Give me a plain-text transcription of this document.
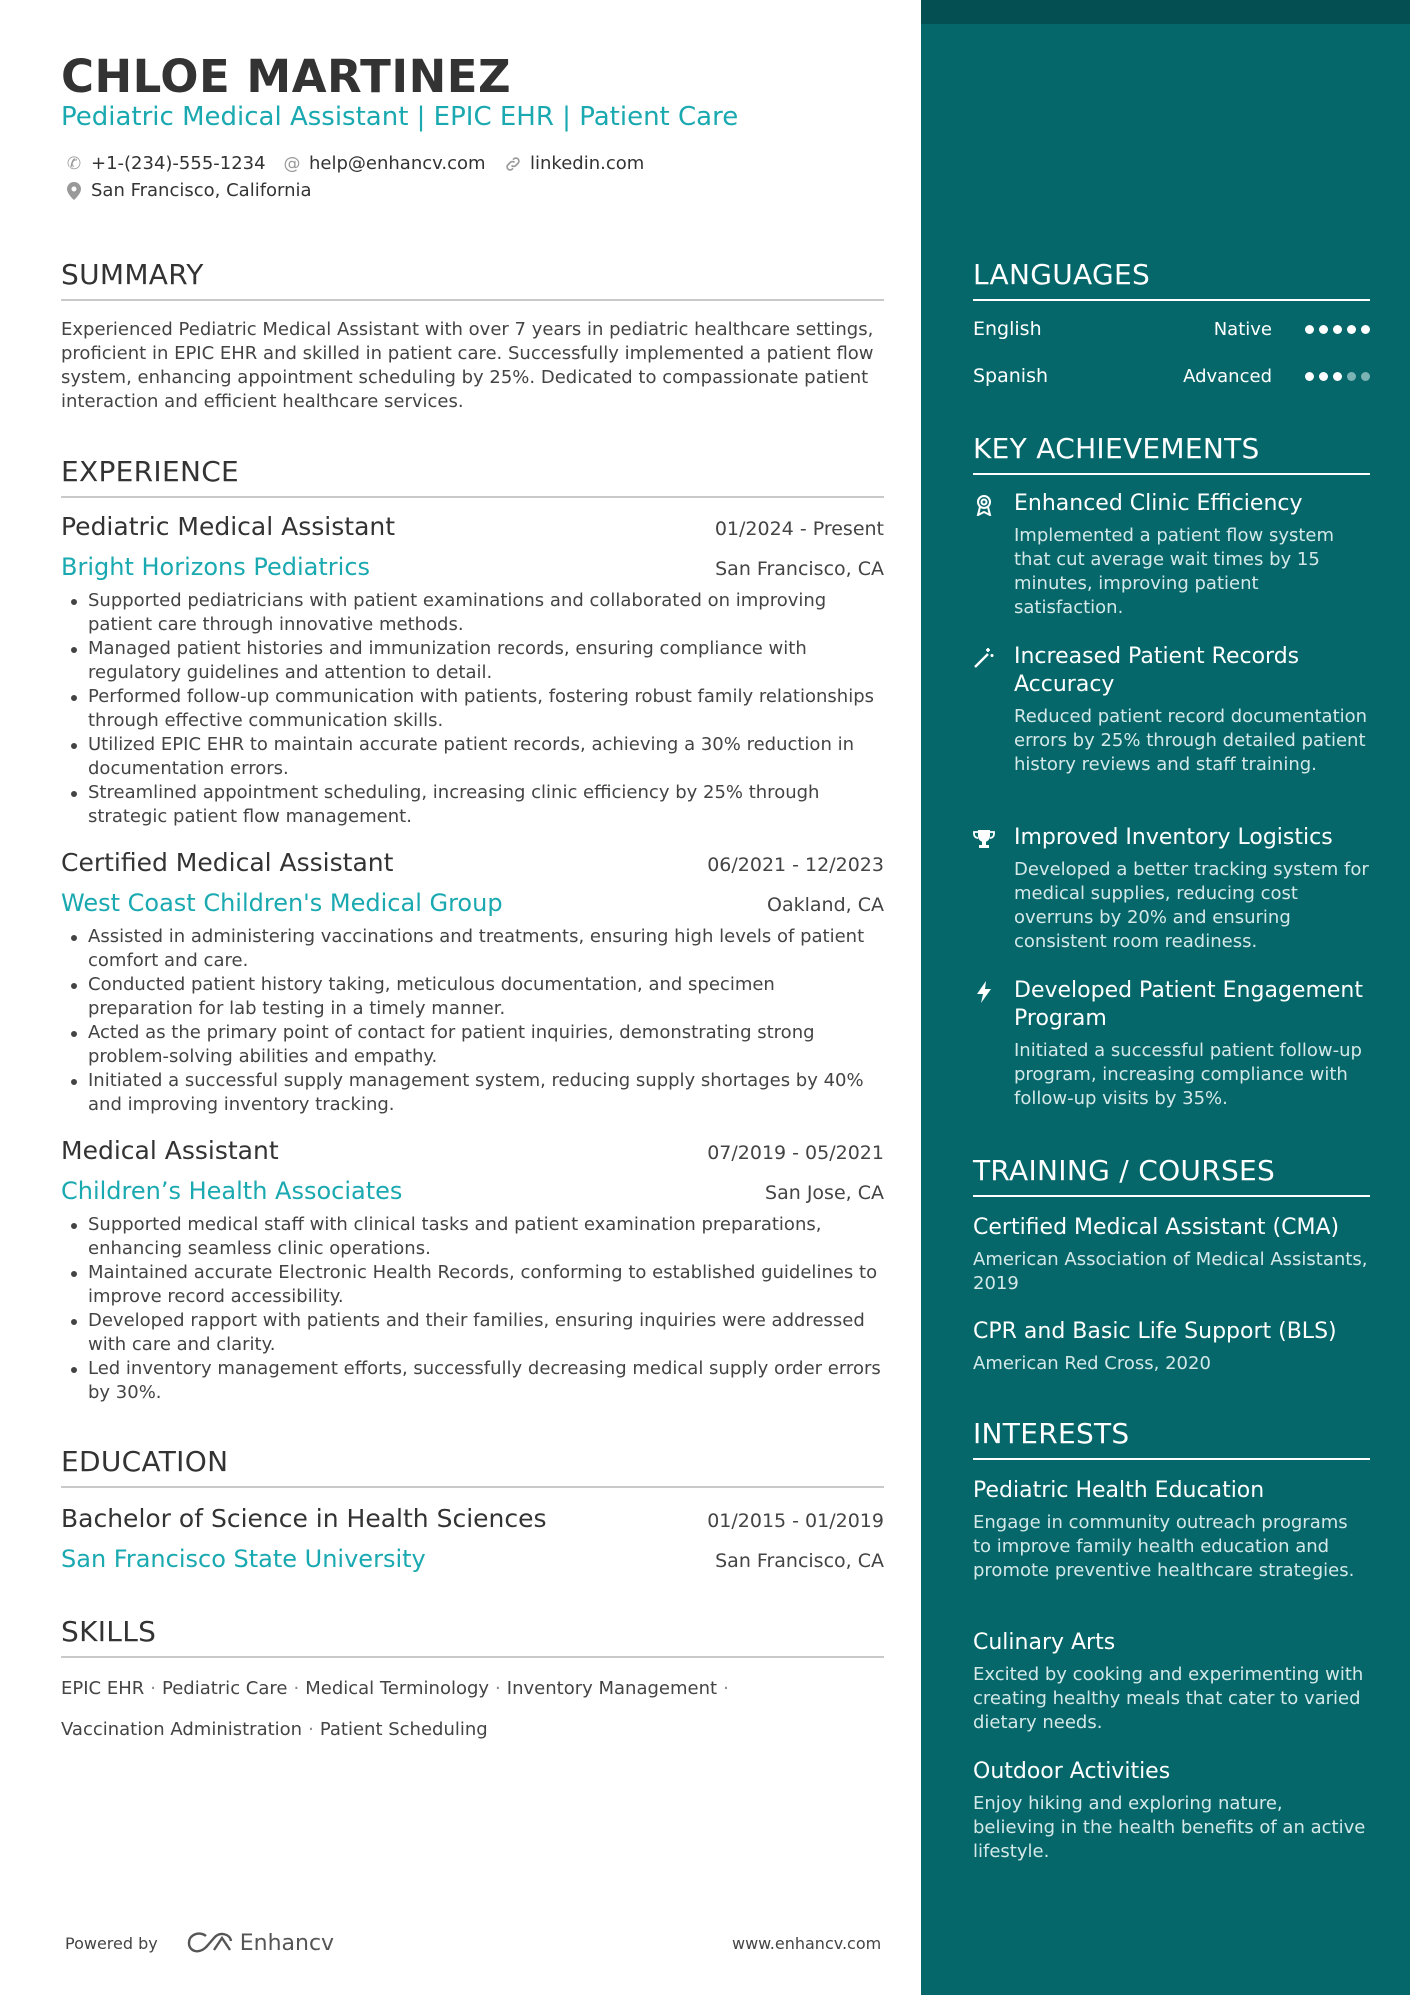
CHLOE MARTINEZ
Pediatric Medical Assistant | EPIC EHR | Patient Care
✆ +1-(234)-555-1234 @ help@enhancv.com linkedin.com
San Francisco, California
SUMMARY
Experienced Pediatric Medical Assistant with over 7 years in pediatric healthcare settings, proficient in EPIC EHR and skilled in patient care. Successfully implemented a patient flow system, enhancing appointment scheduling by 25%. Dedicated to compassionate patient interaction and efficient healthcare services.
EXPERIENCE
Pediatric Medical Assistant	01/2024 - Present
Bright Horizons Pediatrics	San Francisco, CA
Supported pediatricians with patient examinations and collaborated on improving patient care through innovative methods.
Managed patient histories and immunization records, ensuring compliance with regulatory guidelines and attention to detail.
Performed follow-up communication with patients, fostering robust family relationships through effective communication skills.
Utilized EPIC EHR to maintain accurate patient records, achieving a 30% reduction in documentation errors.
Streamlined appointment scheduling, increasing clinic efficiency by 25% through strategic patient flow management.
Certified Medical Assistant	06/2021 - 12/2023
West Coast Children's Medical Group	Oakland, CA
Assisted in administering vaccinations and treatments, ensuring high levels of patient comfort and care.
Conducted patient history taking, meticulous documentation, and specimen preparation for lab testing in a timely manner.
Acted as the primary point of contact for patient inquiries, demonstrating strong problem-solving abilities and empathy.
Initiated a successful supply management system, reducing supply shortages by 40% and improving inventory tracking.
Medical Assistant	07/2019 - 05/2021
Children’s Health Associates	San Jose, CA
Supported medical staff with clinical tasks and patient examination preparations, enhancing seamless clinic operations.
Maintained accurate Electronic Health Records, conforming to established guidelines to improve record accessibility.
Developed rapport with patients and their families, ensuring inquiries were addressed with care and clarity.
Led inventory management efforts, successfully decreasing medical supply order errors by 30%.
EDUCATION
Bachelor of Science in Health Sciences	01/2015 - 01/2019
San Francisco State University	San Francisco, CA
SKILLS
EPIC EHR · Pediatric Care · Medical Terminology · Inventory Management ·
Vaccination Administration · Patient Scheduling
Powered by	Enhancv	www.enhancv.com
LANGUAGES
English	Native
Spanish	Advanced
KEY ACHIEVEMENTS
Enhanced Clinic Efficiency
Implemented a patient flow system that cut average wait times by 15 minutes, improving patient satisfaction.
Increased Patient Records Accuracy
Reduced patient record documentation errors by 25% through detailed patient history reviews and staff training.
Improved Inventory Logistics
Developed a better tracking system for medical supplies, reducing cost overruns by 20% and ensuring consistent room readiness.
Developed Patient Engagement Program
Initiated a successful patient follow-up program, increasing compliance with follow-up visits by 35%.
TRAINING / COURSES
Certified Medical Assistant (CMA)
American Association of Medical Assistants, 2019
CPR and Basic Life Support (BLS)
American Red Cross, 2020
INTERESTS
Pediatric Health Education
Engage in community outreach programs to improve family health education and promote preventive healthcare strategies.
Culinary Arts
Excited by cooking and experimenting with creating healthy meals that cater to varied dietary needs.
Outdoor Activities
Enjoy hiking and exploring nature, believing in the health benefits of an active lifestyle.
